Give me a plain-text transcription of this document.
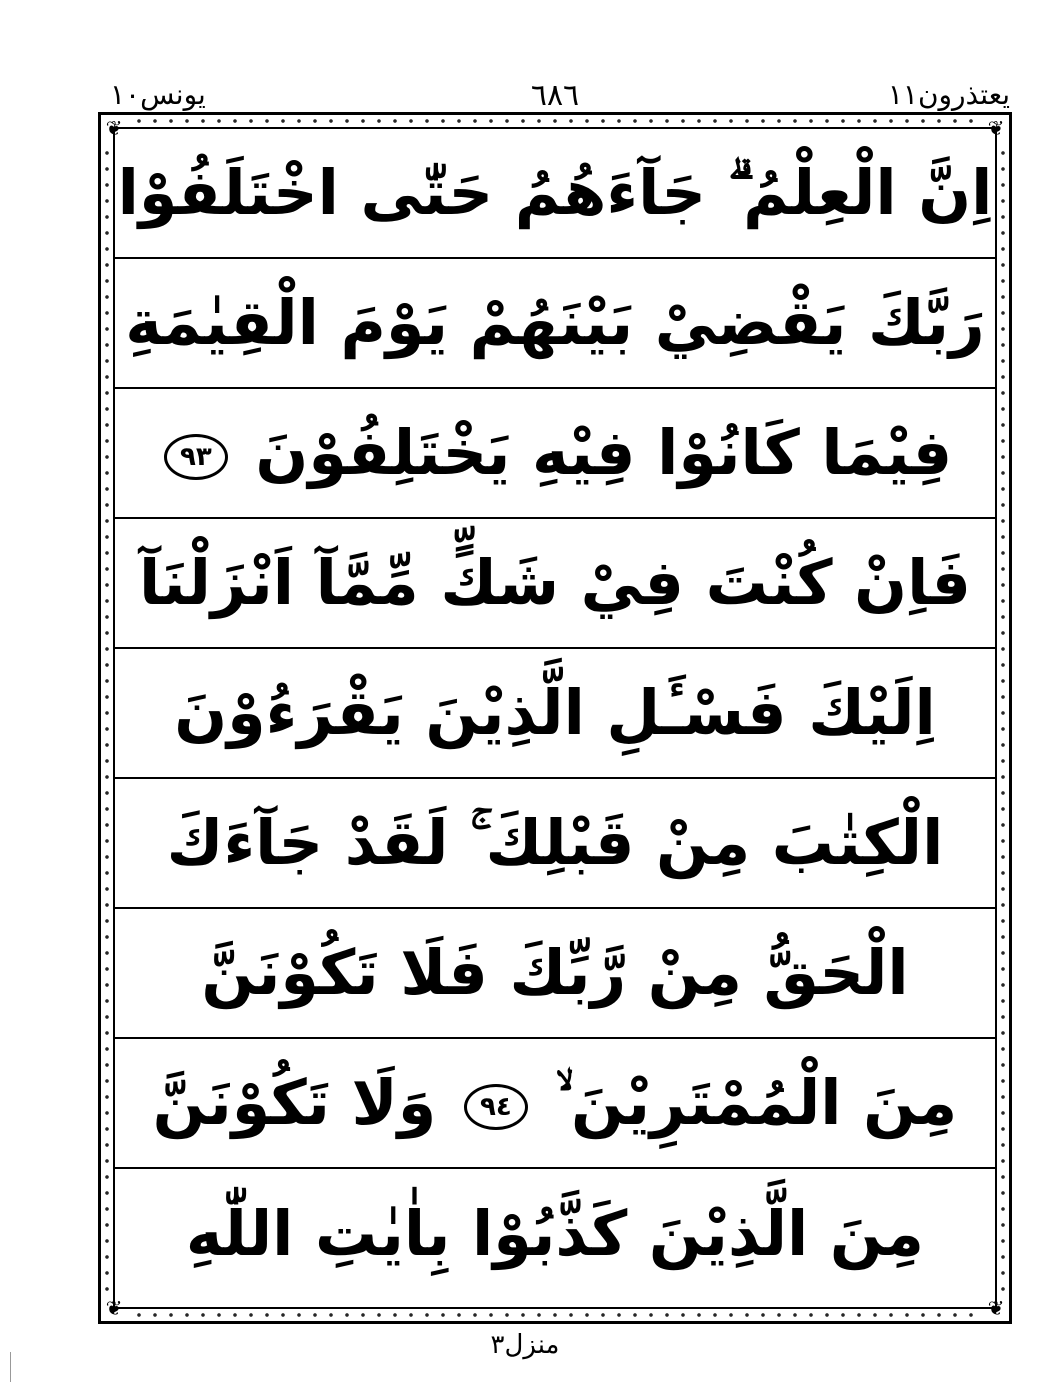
يونس١٠	٦٨٦	يعتذرون١١
❦	❦
❦	❦
اِنَّ الْعِلْمُ ۗ جَآءَهُمُ حَتّٰى اخْتَلَفُوْا
رَبَّكَ يَقْضِيْ بَيْنَهُمْ يَوْمَ الْقِيٰمَةِ
فِيْمَا كَانُوْا فِيْهِ يَخْتَلِفُوْنَ ٩٣
فَاِنْ كُنْتَ فِيْ شَكٍّ مِّمَّآ اَنْزَلْنَآ
اِلَيْكَ فَسْـَٔلِ الَّذِيْنَ يَقْرَءُوْنَ
الْكِتٰبَ مِنْ قَبْلِكَ ۚ لَقَدْ جَآءَكَ
الْحَقُّ مِنْ رَّبِّكَ فَلَا تَكُوْنَنَّ
مِنَ الْمُمْتَرِيْنَ ۙ ٩٤ وَلَا تَكُوْنَنَّ
مِنَ الَّذِيْنَ كَذَّبُوْا بِاٰيٰتِ اللّٰهِ
منزل٣
